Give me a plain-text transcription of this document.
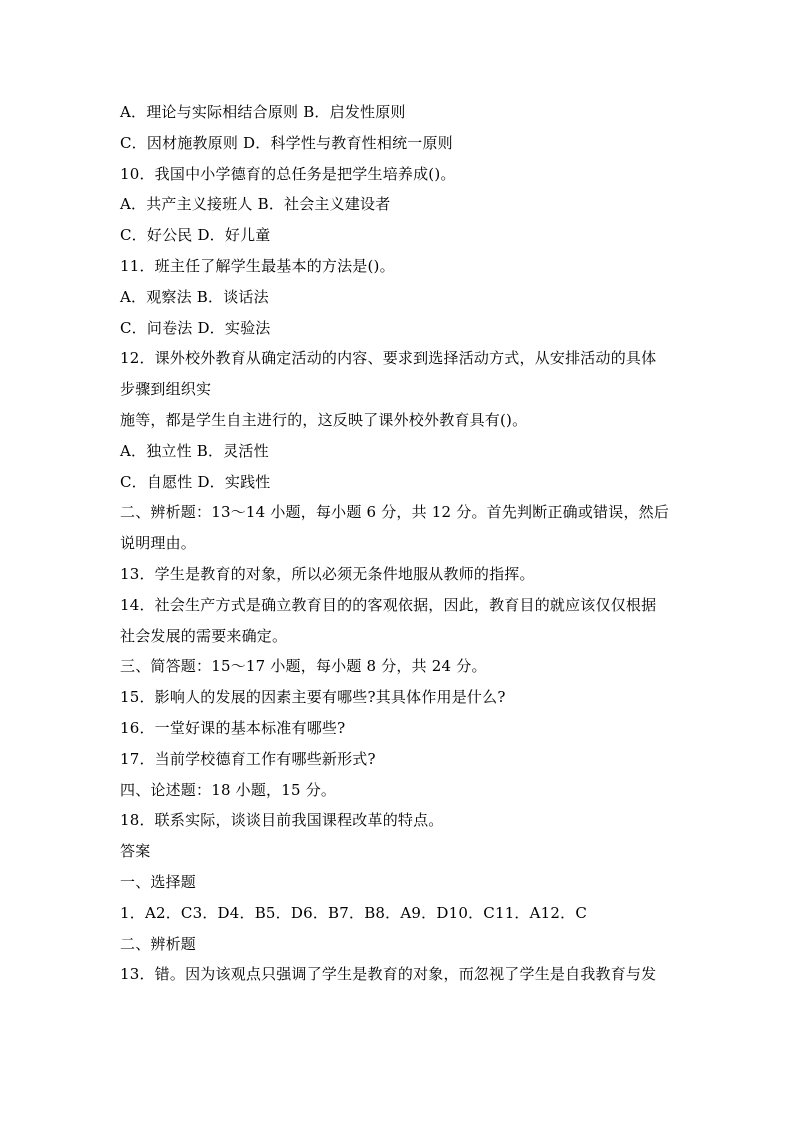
A．理论与实际相结合原则 B．启发性原则
C．因材施教原则 D．科学性与教育性相统一原则
10．我国中小学德育的总任务是把学生培养成()。
A．共产主义接班人 B．社会主义建设者
C．好公民 D．好儿童
11．班主任了解学生最基本的方法是()。
A．观察法 B．谈话法
C．问卷法 D．实验法
12．课外校外教育从确定活动的内容、要求到选择活动方式，从安排活动的具体
步骤到组织实
施等，都是学生自主进行的，这反映了课外校外教育具有()。
A．独立性 B．灵活性
C．自愿性 D．实践性
二、辨析题：13～14 小题，每小题 6 分，共 12 分。首先判断正确或错误，然后
说明理由。
13．学生是教育的对象，所以必须无条件地服从教师的指挥。
14．社会生产方式是确立教育目的的客观依据，因此，教育目的就应该仅仅根据
社会发展的需要来确定。
三、简答题：15～17 小题，每小题 8 分，共 24 分。
15．影响人的发展的因素主要有哪些?其具体作用是什么?
16．一堂好课的基本标准有哪些?
17．当前学校德育工作有哪些新形式?
四、论述题：18 小题，15 分。
18．联系实际，谈谈目前我国课程改革的特点。
答案
一、选择题
1．A2．C3．D4．B5．D6．B7．B8．A9．D10．C11．A12．C
二、辨析题
13．错。因为该观点只强调了学生是教育的对象，而忽视了学生是自我教育与发
